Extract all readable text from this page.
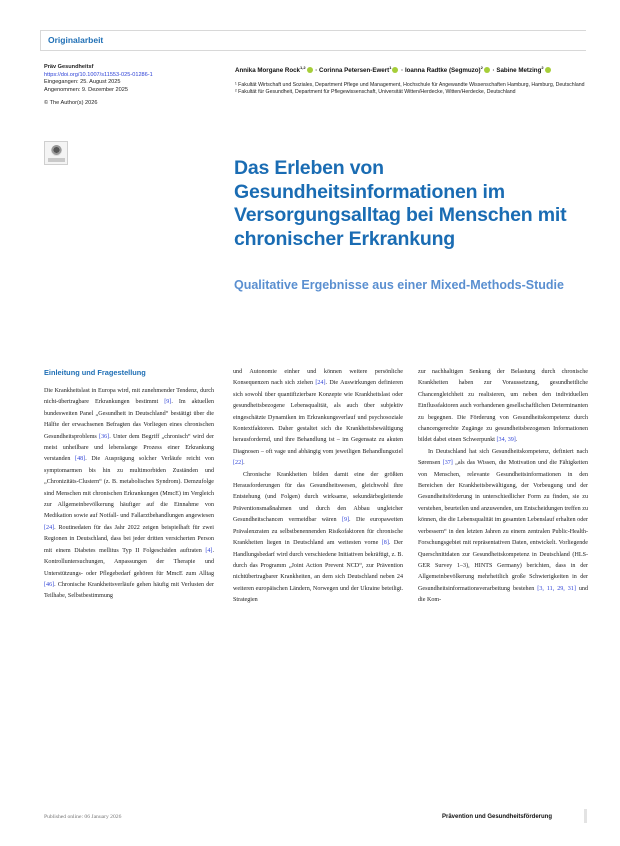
Originalarbeit
Präv Gesundheitsf
https://doi.org/10.1007/s11553-025-01286-1
Eingegangen: 25. August 2025
Angenommen: 9. Dezember 2025
© The Author(s) 2026
Annika Morgane Rock$^{1,2}$ · Corinna Petersen-Ewert$^1$ · Ioanna Radtke (Segmuzo)$^2$ · Sabine Metzing$^2$

¹ Fakultät Wirtschaft und Soziales, Department Pflege und Management, Hochschule für Angewandte Wissenschaften Hamburg, Hamburg, Deutschland

² Fakultät für Gesundheit, Department für Pflegewissenschaft, Universität Witten/Herdecke, Witten/Herdecke, Deutschland

Das Erleben von Gesundheitsinformationen im Versorgungsalltag bei Menschen mit chronischer Erkrankung
Qualitative Ergebnisse aus einer Mixed-Methods-Studie
Einleitung und Fragestellung

Die Krankheitslast in Europa wird, mit zunehmender Tendenz, durch nicht-übertragbare Erkrankungen bestimmt [9]. Im aktuellen bundesweiten Panel „Gesundheit in Deutschland“ bestätigt über die Hälfte der erwachsenen Befragten das Vorliegen eines chronischen Gesundheitsproblems [36]. Unter dem Begriff „chronisch“ wird der meist unheilbare und lebenslange Prozess einer Erkrankung verstanden [48]. Die Ausprägung solcher Verläufe reicht von symptomarmen bis hin zu multimorbiden Zuständen und „Chronizitäts-Clustern“ (z. B. metabolisches Syndrom). Demzufolge sind Menschen mit chronischen Erkrankungen (MmcE) im Vergleich zur Allgemeinbevölkerung häufiger auf die Einnahme von Medikation sowie auf Notfall- und Fallarztbehandlungen angewiesen [24]. Routinedaten für das Jahr 2022 zeigen beispielhaft für zwei Regionen in Deutschland, dass bei jeder dritten versicherten Person mit einem Diabetes mellitus Typ II Folgeschäden auftraten [4]. Kontrolluntersuchungen, Anpassungen der Therapie und Unterstützungs- oder Pflegebedarf gehören für MmcE zum Alltag [46]. Chronische Krankheitsverläufe gehen häufig mit Verlusten der Teilhabe, Selbstbestimmung

und Autonomie einher und können weitere persönliche Konsequenzen nach sich ziehen [24]. Die Auswirkungen definieren sich sowohl über quantifizierbare Konzepte wie Krankheitslast oder gesundheitsbezogene Lebensqualität, als auch über subjektiv eingeschätzte Dynamiken im Erkrankungsverlauf und psychosoziale Kontextfaktoren. Daher gestaltet sich die Krankheitsbewältigung herausfordernd, und ihre Behandlung ist – im Gegensatz zu akuten Diagnosen – oft vage und abhängig vom jeweiligen Behandlungsziel [22].

Chronische Krankheiten bilden damit eine der größten Herausforderungen für das Gesundheitswesen, gleichwohl ihre Entstehung (und Folgen) durch wirksame, sekundärbegleitende Präventionsmaßnahmen und durch den Abbau ungleicher Gesundheitschancen vermeidbar wären [9]. Die europaweiten Prävalenzraten zu selbstbenennenden Risikofaktoren für chronische Krankheiten liegen in Deutschland am weitesten vorne [8]. Der Handlungsbedarf wird durch verschiedene Initiativen bekräftigt, z. B. durch das Programm „Joint Action Prevent NCD“, zur Prävention nichtübertragbarer Krankheiten, an dem sich Deutschland neben 24 weiteren europäischen Ländern, Norwegen und der Ukraine beteiligt. Strategien

zur nachhaltigen Senkung der Belastung durch chronische Krankheiten haben zur Voraussetzung, gesundheitliche Chancengleichheit zu realisieren, um neben den individuellen Einflussfaktoren auch vorhandenen gesellschaftlichen Determinanten zu begegnen. Die Förderung von Gesundheitskompetenz durch chancengerechte Zugänge zu gesundheitsbezogenen Informationen bildet dabei einen Schwerpunkt [34, 39].

In Deutschland hat sich Gesundheitskompetenz, definiert nach Sørensen [37] „als das Wissen, die Motivation und die Fähigkeiten von Menschen, relevante Gesundheitsinformationen in den Bereichen der Krankheitsbewältigung, der Vorbeugung und der Gesundheitsförderung in unterschiedlicher Form zu finden, sie zu verstehen, beurteilen und anzuwenden, um Entscheidungen treffen zu können, die die Lebensqualität im gesamten Lebenslauf erhalten oder verbessern“ in den letzten Jahren zu einem zentralen Public-Health-Forschungsgebiet mit repräsentativen Daten, entwickelt. Vorliegende Querschnittdaten zur Gesundheitskompetenz in Deutschland (HLS-GER Survey 1–3), HINTS Germany) berichten, dass in der Allgemeinbevölkerung mehrheitlich große Schwierigkeiten in der Gesundheitsinformationsverarbeitung bestehen [3, 11, 29, 31] und die Kom-

Published online: 06 January 2026	Prävention und Gesundheitsförderung
